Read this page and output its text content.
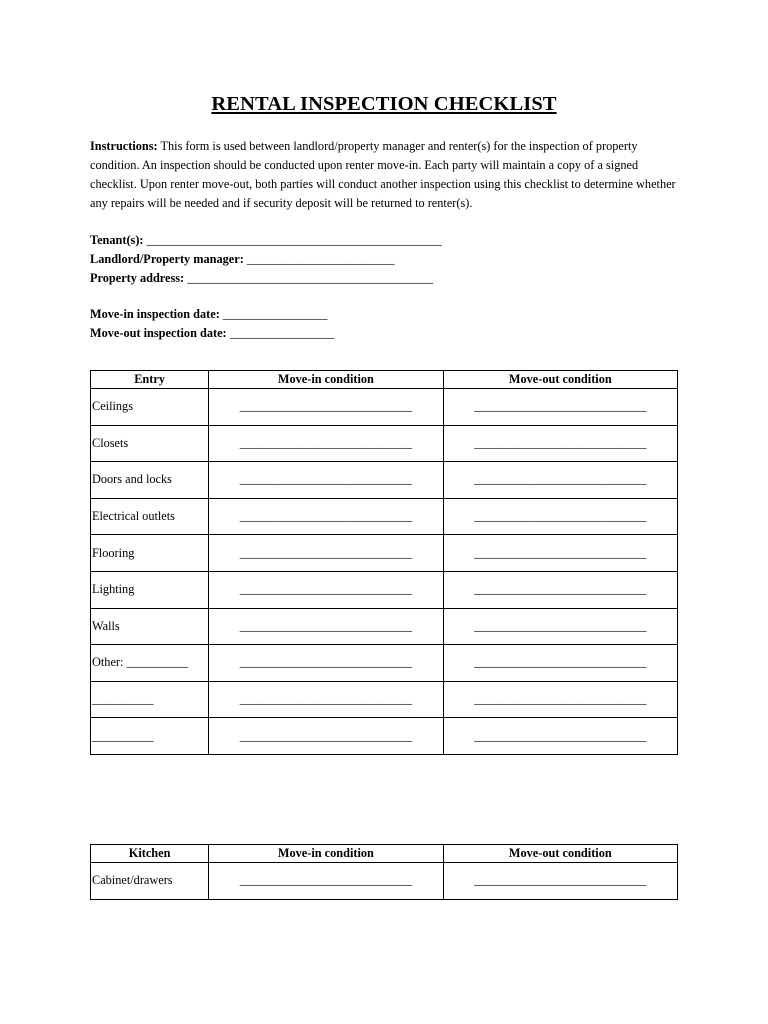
RENTAL INSPECTION CHECKLIST
Instructions: This form is used between landlord/property manager and renter(s) for the inspection of property condition. An inspection should be conducted upon renter move-in. Each party will maintain a copy of a signed checklist. Upon renter move-out, both parties will conduct another inspection using this checklist to determine whether any repairs will be needed and if security deposit will be returned to renter(s).
Tenant(s): ________________________________________________
Landlord/Property manager: ________________________
Property address: ________________________________________
Move-in inspection date: _________________
Move-out inspection date: _________________
Entry	Move-in condition	Move-out condition
Ceilings	____________________________	____________________________
Closets	____________________________	____________________________
Doors and locks	____________________________	____________________________
Electrical outlets	____________________________	____________________________
Flooring	____________________________	____________________________
Lighting	____________________________	____________________________
Walls	____________________________	____________________________
Other: __________	____________________________	____________________________
__________	____________________________	____________________________
__________	____________________________	____________________________
Kitchen	Move-in condition	Move-out condition
Cabinet/drawers	____________________________	____________________________
